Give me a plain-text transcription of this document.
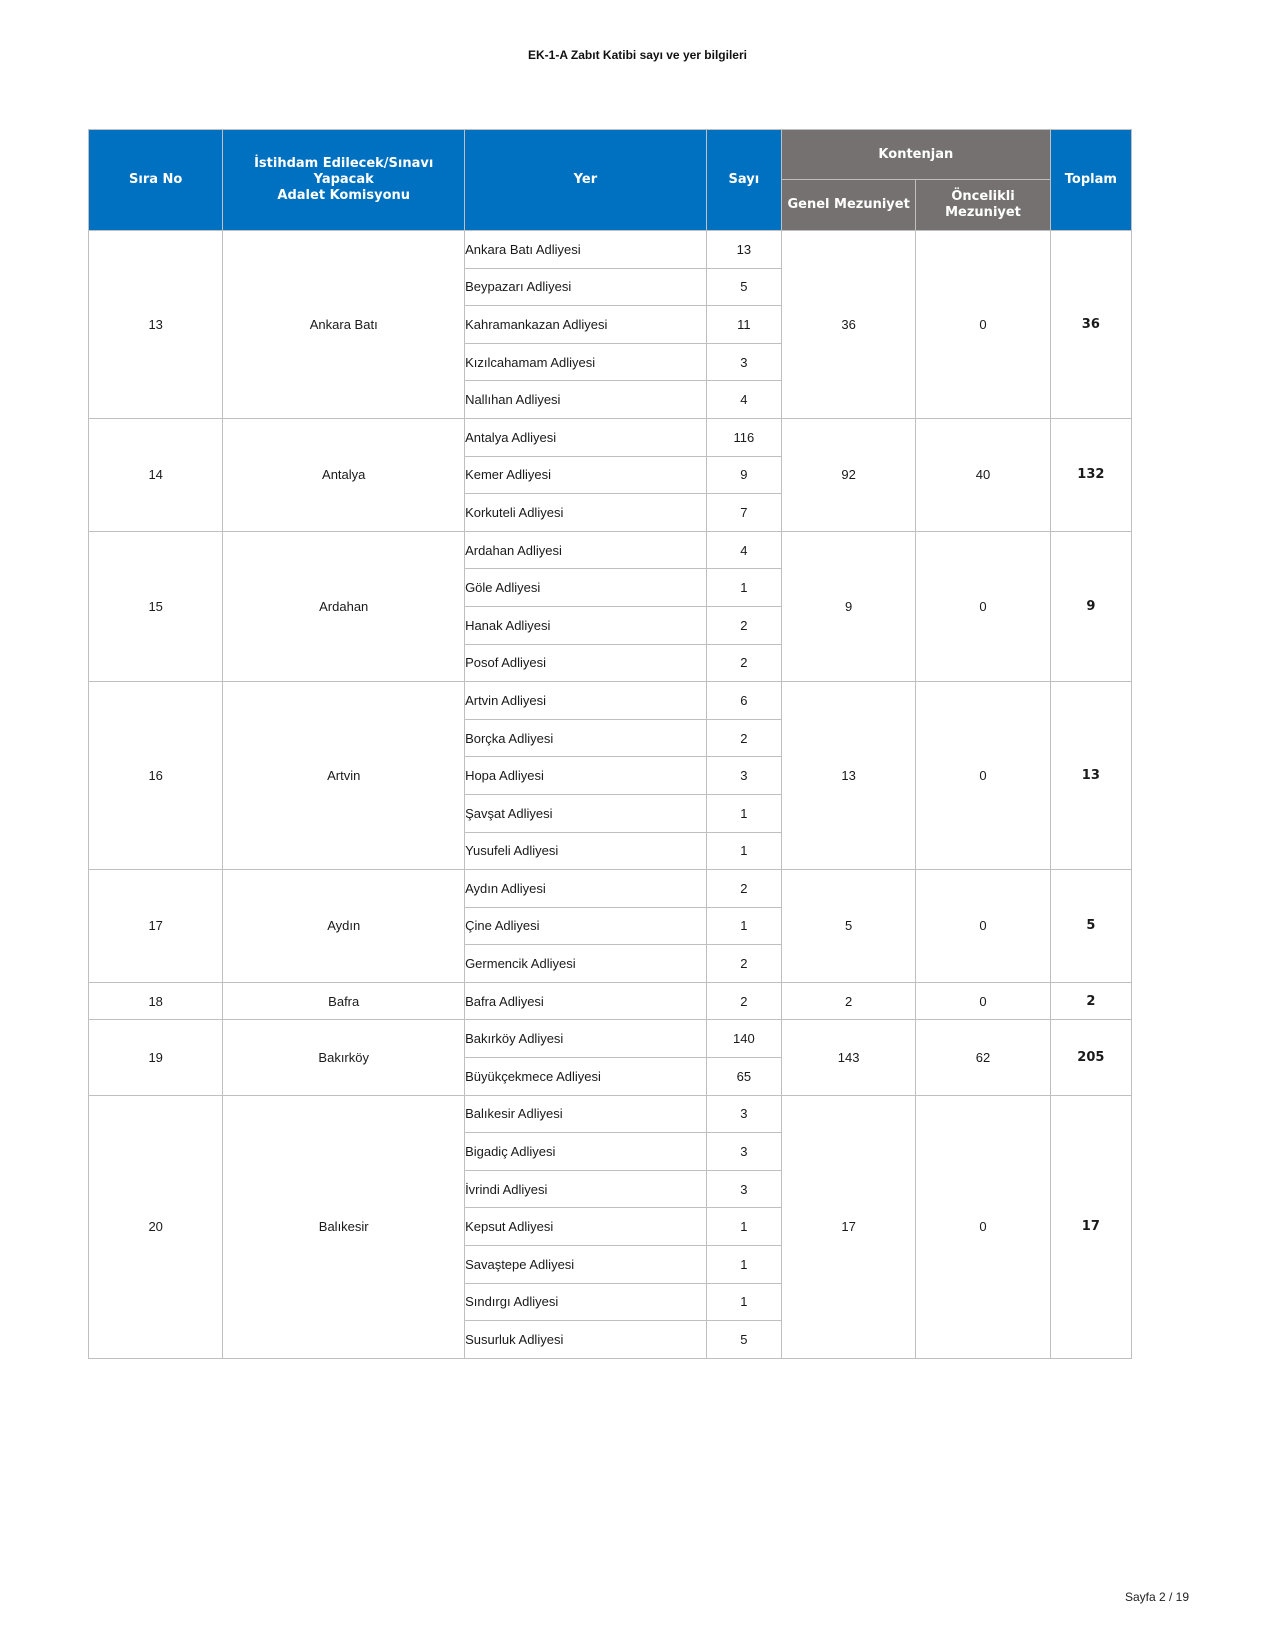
EK-1-A Zabıt Katibi sayı ve yer bilgileri
Sıra No	İstihdam Edilecek/Sınavı
Yapacak
Adalet Komisyonu	Yer	Sayı	Kontenjan		Toplam
				Genel Mezuniyet	Öncelikli
Mezuniyet	
13	Ankara Batı	Ankara Batı Adliyesi	13	36	0	36
		Beypazarı Adliyesi	5			
		Kahramankazan Adliyesi	11			
		Kızılcahamam Adliyesi	3			
		Nallıhan Adliyesi	4			
14	Antalya	Antalya Adliyesi	116	92	40	132
		Kemer Adliyesi	9			
		Korkuteli Adliyesi	7			
15	Ardahan	Ardahan Adliyesi	4	9	0	9
		Göle Adliyesi	1			
		Hanak Adliyesi	2			
		Posof Adliyesi	2			
16	Artvin	Artvin Adliyesi	6	13	0	13
		Borçka Adliyesi	2			
		Hopa Adliyesi	3			
		Şavşat Adliyesi	1			
		Yusufeli Adliyesi	1			
17	Aydın	Aydın Adliyesi	2	5	0	5
		Çine Adliyesi	1			
		Germencik Adliyesi	2			
18	Bafra	Bafra Adliyesi	2	2	0	2
19	Bakırköy	Bakırköy Adliyesi	140	143	62	205
		Büyükçekmece Adliyesi	65			
20	Balıkesir	Balıkesir Adliyesi	3	17	0	17
		Bigadiç Adliyesi	3			
		İvrindi Adliyesi	3			
		Kepsut Adliyesi	1			
		Savaştepe Adliyesi	1			
		Sındırgı Adliyesi	1			
		Susurluk Adliyesi	5			
Sayfa 2 / 19
